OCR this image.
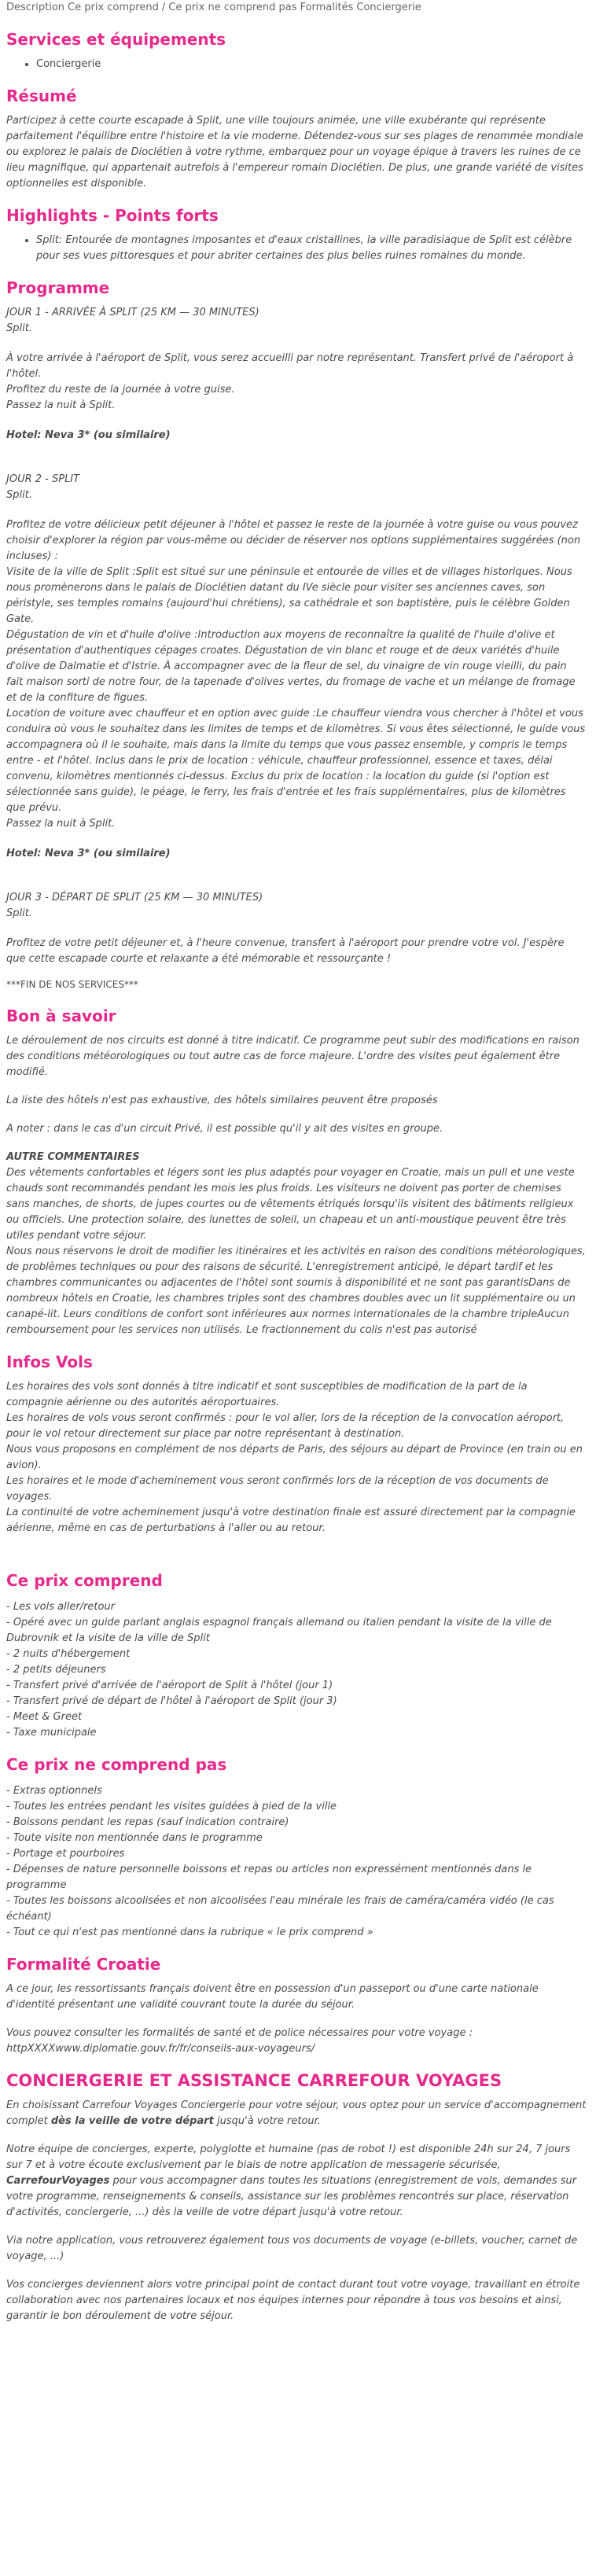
Description Ce prix comprend / Ce prix ne comprend pas Formalités Conciergerie
Services et équipements
• Conciergerie
Résumé

Participez à cette courte escapade à Split, une ville toujours animée, une ville exubérante qui représente parfaitement l'équilibre entre l'histoire et la vie moderne. Détendez-vous sur ses plages de renommée mondiale ou explorez le palais de Dioclétien à votre rythme, embarquez pour un voyage épique à travers les ruines de ce lieu magnifique, qui appartenait autrefois à l'empereur romain Dioclétien. De plus, une grande variété de visites optionnelles est disponible.

Highlights - Points forts
• Split: Entourée de montagnes imposantes et d'eaux cristallines, la ville paradisiaque de Split est célèbre pour ses vues pittoresques et pour abriter certaines des plus belles ruines romaines du monde.
Programme
JOUR 1 - ARRIVÉE À SPLIT (25 KM — 30 MINUTES)
Split.
À votre arrivée à l'aéroport de Split, vous serez accueilli par notre représentant. Transfert privé de l'aéroport à l'hôtel.
Profitez du reste de la journée à votre guise.
Passez la nuit à Split.
Hotel: Neva 3* (ou similaire)
JOUR 2 - SPLIT
Split.
Profitez de votre délicieux petit déjeuner à l'hôtel et passez le reste de la journée à votre guise ou vous pouvez choisir d'explorer la région par vous-même ou décider de réserver nos options supplémentaires suggérées (non incluses) :
Visite de la ville de Split :Split est situé sur une péninsule et entourée de villes et de villages historiques. Nous nous promènerons dans le palais de Dioclétien datant du IVe siècle pour visiter ses anciennes caves, son péristyle, ses temples romains (aujourd'hui chrétiens), sa cathédrale et son baptistère, puis le célèbre Golden Gate.
Dégustation de vin et d'huile d'olive :Introduction aux moyens de reconnaître la qualité de l'huile d'olive et présentation d'authentiques cépages croates. Dégustation de vin blanc et rouge et de deux variétés d'huile d'olive de Dalmatie et d'Istrie. À accompagner avec de la fleur de sel, du vinaigre de vin rouge vieilli, du pain fait maison sorti de notre four, de la tapenade d'olives vertes, du fromage de vache et un mélange de fromage et de la confiture de figues.
Location de voiture avec chauffeur et en option avec guide :Le chauffeur viendra vous chercher à l'hôtel et vous conduira où vous le souhaitez dans les limites de temps et de kilomètres. Si vous êtes sélectionné, le guide vous accompagnera où il le souhaite, mais dans la limite du temps que vous passez ensemble, y compris le temps entre - et l'hôtel. Inclus dans le prix de location : véhicule, chauffeur professionnel, essence et taxes, délai convenu, kilomètres mentionnés ci-dessus. Exclus du prix de location : la location du guide (si l'option est sélectionnée sans guide), le péage, le ferry, les frais d'entrée et les frais supplémentaires, plus de kilomètres que prévu.
Passez la nuit à Split.
Hotel: Neva 3* (ou similaire)
JOUR 3 - DÉPART DE SPLIT (25 KM — 30 MINUTES)
Split.

Profitez de votre petit déjeuner et, à l'heure convenue, transfert à l'aéroport pour prendre votre vol. J'espère que cette escapade courte et relaxante a été mémorable et ressourçante !

***FIN DE NOS SERVICES***

Bon à savoir

Le déroulement de nos circuits est donné à titre indicatif. Ce programme peut subir des modifications en raison des conditions météorologiques ou tout autre cas de force majeure. L'ordre des visites peut également être modifié.

La liste des hôtels n'est pas exhaustive, des hôtels similaires peuvent être proposés

A noter : dans le cas d'un circuit Privé, il est possible qu'il y ait des visites en groupe.

AUTRE COMMENTAIRES
Des vêtements confortables et légers sont les plus adaptés pour voyager en Croatie, mais un pull et une veste chauds sont recommandés pendant les mois les plus froids. Les visiteurs ne doivent pas porter de chemises sans manches, de shorts, de jupes courtes ou de vêtements étriqués lorsqu'ils visitent des bâtiments religieux ou officiels. Une protection solaire, des lunettes de soleil, un chapeau et un anti-moustique peuvent être très utiles pendant votre séjour.
Nous nous réservons le droit de modifier les itinéraires et les activités en raison des conditions météorologiques, de problèmes techniques ou pour des raisons de sécurité. L'enregistrement anticipé, le départ tardif et les chambres communicantes ou adjacentes de l'hôtel sont soumis à disponibilité et ne sont pas garantisDans de nombreux hôtels en Croatie, les chambres triples sont des chambres doubles avec un lit supplémentaire ou un canapé-lit. Leurs conditions de confort sont inférieures aux normes internationales de la chambre tripleAucun remboursement pour les services non utilisés. Le fractionnement du colis n'est pas autorisé
Infos Vols
Les horaires des vols sont donnés à titre indicatif et sont susceptibles de modification de la part de la compagnie aérienne ou des autorités aéroportuaires.
Les horaires de vols vous seront confirmés : pour le vol aller, lors de la réception de la convocation aéroport, pour le vol retour directement sur place par notre représentant à destination.
Nous vous proposons en complément de nos départs de Paris, des séjours au départ de Province (en train ou en avion).
Les horaires et le mode d'acheminement vous seront confirmés lors de la réception de vos documents de voyages.
La continuité de votre acheminement jusqu'à votre destination finale est assuré directement par la compagnie aérienne, même en cas de perturbations à l'aller ou au retour.
Ce prix comprend
- Les vols aller/retour
- Opéré avec un guide parlant anglais espagnol français allemand ou italien pendant la visite de la ville de Dubrovnik et la visite de la ville de Split
- 2 nuits d'hébergement
- 2 petits déjeuners
- Transfert privé d'arrivée de l'aéroport de Split à l'hôtel (jour 1)
- Transfert privé de départ de l'hôtel à l'aéroport de Split (jour 3)
- Meet & Greet
- Taxe municipale
Ce prix ne comprend pas
- Extras optionnels
- Toutes les entrées pendant les visites guidées à pied de la ville
- Boissons pendant les repas (sauf indication contraire)
- Toute visite non mentionnée dans le programme
- Portage et pourboires
- Dépenses de nature personnelle boissons et repas ou articles non expressément mentionnés dans le programme
- Toutes les boissons alcoolisées et non alcoolisées l'eau minérale les frais de caméra/caméra vidéo (le cas échéant)
- Tout ce qui n'est pas mentionné dans la rubrique « le prix comprend »
Formalité Croatie

A ce jour, les ressortissants français doivent être en possession d'un passeport ou d'une carte nationale d'identité présentant une validité couvrant toute la durée du séjour.

Vous pouvez consulter les formalités de santé et de police nécessaires pour votre voyage :
httpXXXXwww.diplomatie.gouv.fr/fr/conseils-aux-voyageurs/
CONCIERGERIE ET ASSISTANCE CARREFOUR VOYAGES

En choisissant Carrefour Voyages Conciergerie pour votre séjour, vous optez pour un service d'accompagnement complet dès la veille de votre départ jusqu'à votre retour.

Notre équipe de concierges, experte, polyglotte et humaine (pas de robot !) est disponible 24h sur 24, 7 jours sur 7 et à votre écoute exclusivement par le biais de notre application de messagerie sécurisée, CarrefourVoyages pour vous accompagner dans toutes les situations (enregistrement de vols, demandes sur votre programme, renseignements & conseils, assistance sur les problèmes rencontrés sur place, réservation d'activités, conciergerie, ...) dès la veille de votre départ jusqu'à votre retour.

Via notre application, vous retrouverez également tous vos documents de voyage (e-billets, voucher, carnet de voyage, ...)

Vos concierges deviennent alors votre principal point de contact durant tout votre voyage, travaillant en étroite collaboration avec nos partenaires locaux et nos équipes internes pour répondre à tous vos besoins et ainsi, garantir le bon déroulement de votre séjour.
